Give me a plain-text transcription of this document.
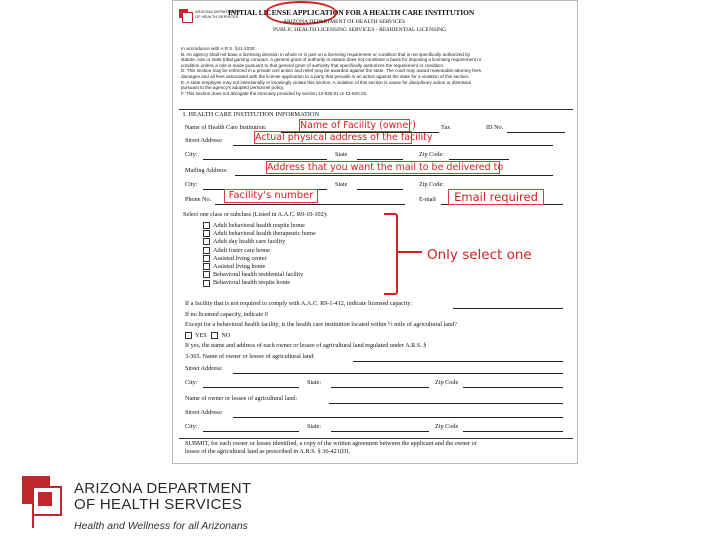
ARIZONA DEPARTMENT OF HEALTH SERVICES
INITIAL LICENSE APPLICATION FOR A HEALTH CARE INSTITUTION
ARIZONA DEPARTMENT OF HEALTH SERVICES
PUBLIC HEALTH LICENSING SERVICES - RESIDENTIAL LICENSING
In accordance with A.R.S. §41-1030:
B. An agency shall not base a licensing decision in whole or in part on a licensing requirement or condition that is not specifically authorized by
statute, rule or state tribal gaming compact. A general grant of authority in statute does not constitute a basis for imposing a licensing requirement or
condition unless a rule is made pursuant to that general grant of authority that specifically authorizes the requirement or condition.
D. This section may be enforced in a private civil action and relief may be awarded against the state. The court may award reasonable attorney fees,
damages and all fees associated with the license application to a party that prevails in an action against the state for a violation of this section.
E. A state employee may not intentionally or knowingly violate this section. A violation of this section is cause for disciplinary action or dismissal
pursuant to the agency's adopted personnel policy.
F. This section does not abrogate the immunity provided by section 12-820.01 or 12-820.02.
I. HEALTH CARE INSTITUTION INFORMATION
Name of Health Care Institution:	Tax	ID No.
Street Address:
City:	State	Zip Code:
Mailing Address:
City:	State	Zip Code:
Phone No.	E-mail
Select one class or subclass (Listed in A.A.C. R9-10-102):
Adult behavioral health respite home
Adult behavioral health therapeutic home
Adult day health care facility
Adult foster care home
Assisted living center
Assisted living home
Behavioral health residential facility
Behavioral health respite home
If a facility that is not required to comply with A.A.C. R9-1-412, indicate licensed capacity:
If no licensed capacity, indicate 0
Except for a behavioral health facility, is the health care institution located within ½ mile of agricultural land?
YES NO
If yes, the name and address of each owner or lessee of agricultural land regulated under A.R.S. §
3-365. Name of owner or lessee of agricultural land:
Street Address:
City:	State:	Zip Code
Name of owner or lessee of agricultural land:
Street Address:
City:	State:	Zip Code
SUBMIT, for each owner or lessee identified, a copy of the written agreement between the applicant and the owner or
lessee of the agricultural land as prescribed in A.R.S. § 36-421(D).
Name of Facility (owner)
Actual physical address of the facility
Address that you want the mail to be delivered to
Facility's number	Email required
Only select one
ARIZONA DEPARTMENT
OF HEALTH SERVICES
Health and Wellness for all Arizonans
